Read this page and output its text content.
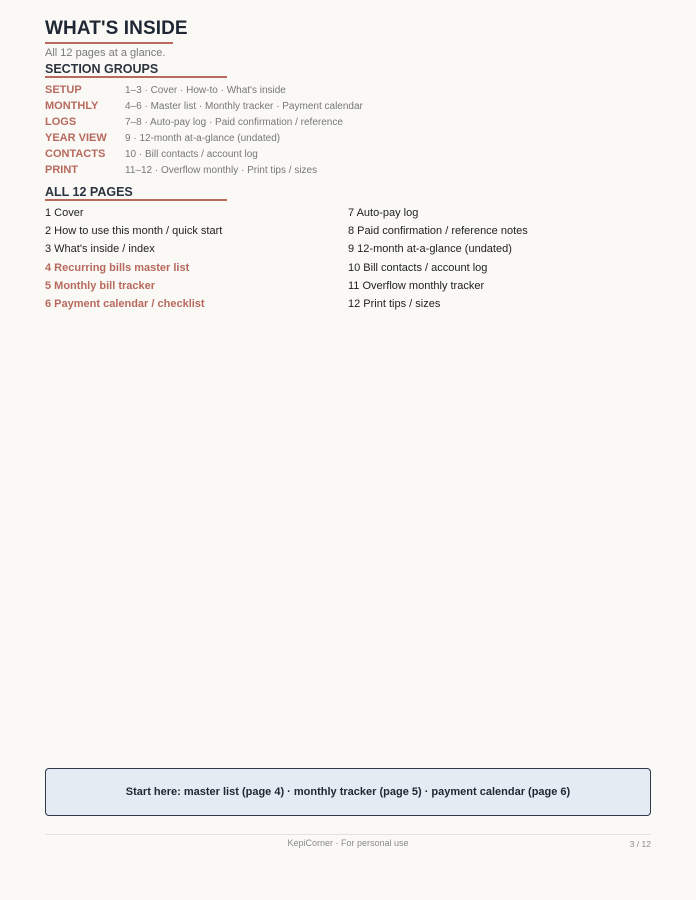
WHAT'S INSIDE
All 12 pages at a glance.
SECTION GROUPS
SETUP	1–3 · Cover · How-to · What's inside
MONTHLY	4–6 · Master list · Monthly tracker · Payment calendar
LOGS	7–8 · Auto-pay log · Paid confirmation / reference
YEAR VIEW	9 · 12-month at-a-glance (undated)
CONTACTS	10 · Bill contacts / account log
PRINT	11–12 · Overflow monthly · Print tips / sizes
ALL 12 PAGES
1 Cover
2 How to use this month / quick start
3 What's inside / index
4 Recurring bills master list
5 Monthly bill tracker
6 Payment calendar / checklist
7 Auto-pay log
8 Paid confirmation / reference notes
9 12-month at-a-glance (undated)
10 Bill contacts / account log
11 Overflow monthly tracker
12 Print tips / sizes
Start here: master list (page 4) · monthly tracker (page 5) · payment calendar (page 6)
KepiCorner · For personal use	3 / 12
